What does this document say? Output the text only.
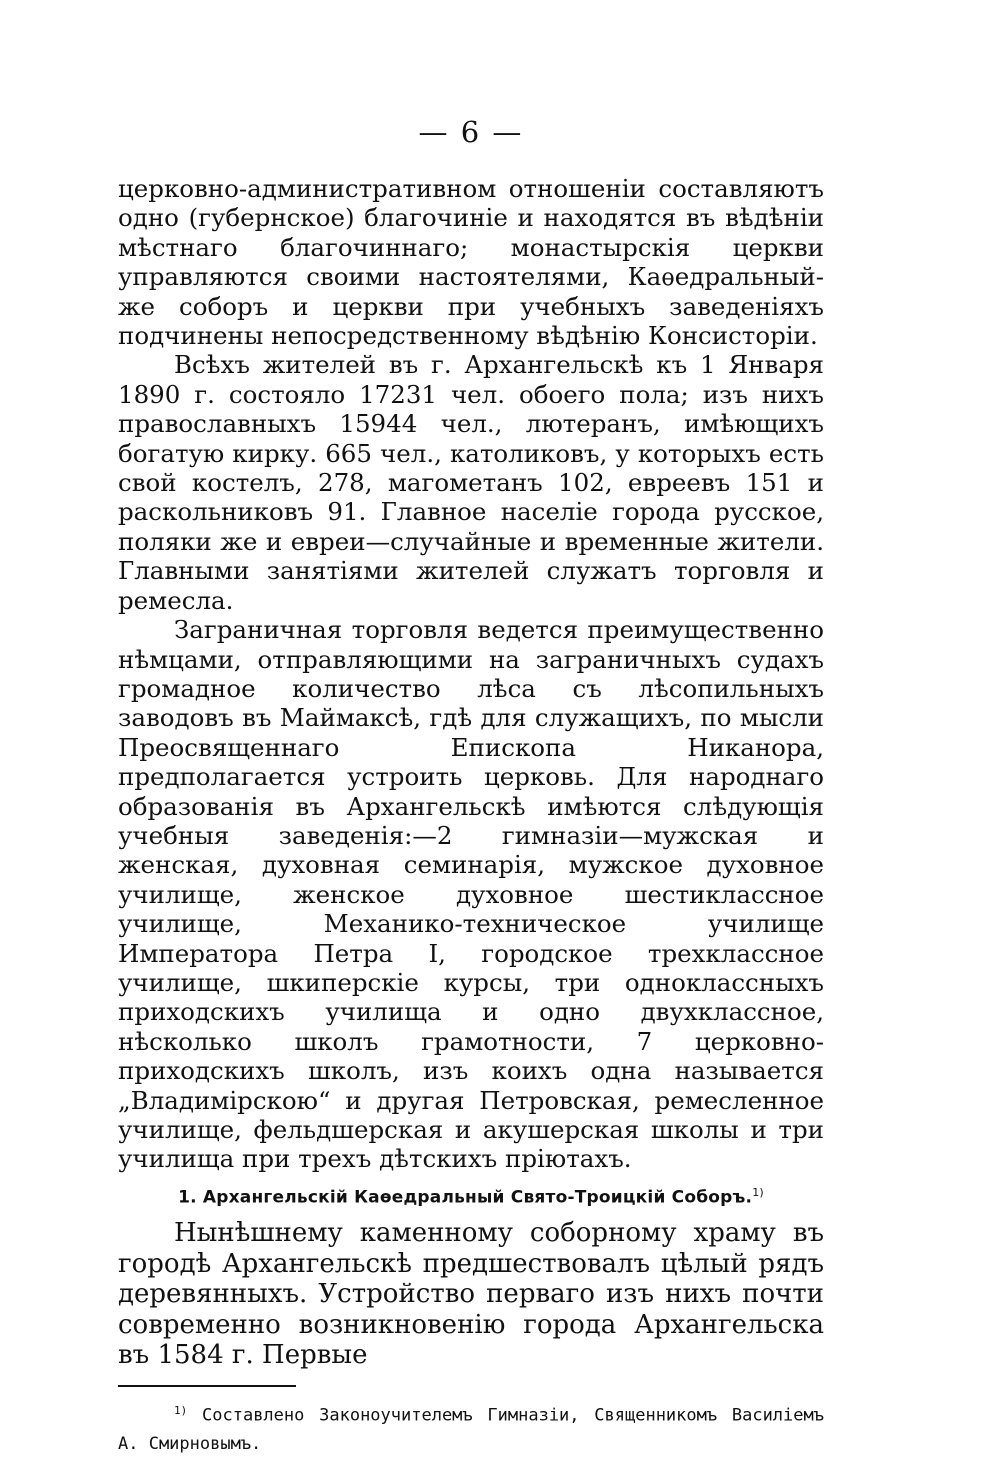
— 6 —

церковно-административном отношеніи составляютъ одно (губернское) благочиніе и находятся въ вѣдѣніи мѣстнаго благочиннаго; монастырскія церкви управляются своими настоятелями, Каѳедральный-же соборъ и церкви при учебныхъ заведеніяхъ подчинены непосредственному вѣдѣнію Консисторіи.

Всѣхъ жителей въ г. Архангельскѣ къ 1 Января 1890 г. состояло 17231 чел. обоего пола; изъ нихъ православныхъ 15944 чел., лютеранъ, имѣющихъ богатую кирку. 665 чел., католиковъ, у которыхъ есть свой костелъ, 278, магометанъ 102, евреевъ 151 и раскольниковъ 91. Главное населіе города русское, поляки же и евреи—случайные и временные жители. Главными занятіями жителей служатъ торговля и ремесла.

Заграничная торговля ведется преимущественно нѣмцами, отправляющими на заграничныхъ судахъ громадное количество лѣса съ лѣсопильныхъ заводовъ въ Маймаксѣ, гдѣ для служащихъ, по мысли Преосвященнаго Епископа Никанора, предполагается устроить церковь. Для народнаго образованія въ Архангельскѣ имѣются слѣдующія учебныя заведенія:—2 гимназіи—мужская и женская, духовная семинарія, мужское духовное училище, женское духовное шестиклассное училище, Механико-техническое училище Императора Петра I, городское трехклассное училище, шкиперскіе курсы, три одноклассныхъ приходскихъ училища и одно двухклассное, нѣсколько школъ грамотности, 7 церковно-приходскихъ школъ, изъ коихъ одна называется „Владимірскою“ и другая Петровская, ремесленное училище, фельдшерская и акушерская школы и три училища при трехъ дѣтскихъ пріютахъ.

1. Архангельскій Каѳедральный Свято-Троицкій Соборъ.$^{1)}$

Нынѣшнему каменному соборному храму въ городѣ Архангельскѣ предшествовалъ цѣлый рядъ деревянныхъ. Устройство перваго изъ нихъ почти современно возникновенію города Архангельска въ 1584 г. Первые

$^{1)}$ Составлено Законоучителемъ Гимназіи, Священникомъ Василіемъ А. Смирновымъ.
